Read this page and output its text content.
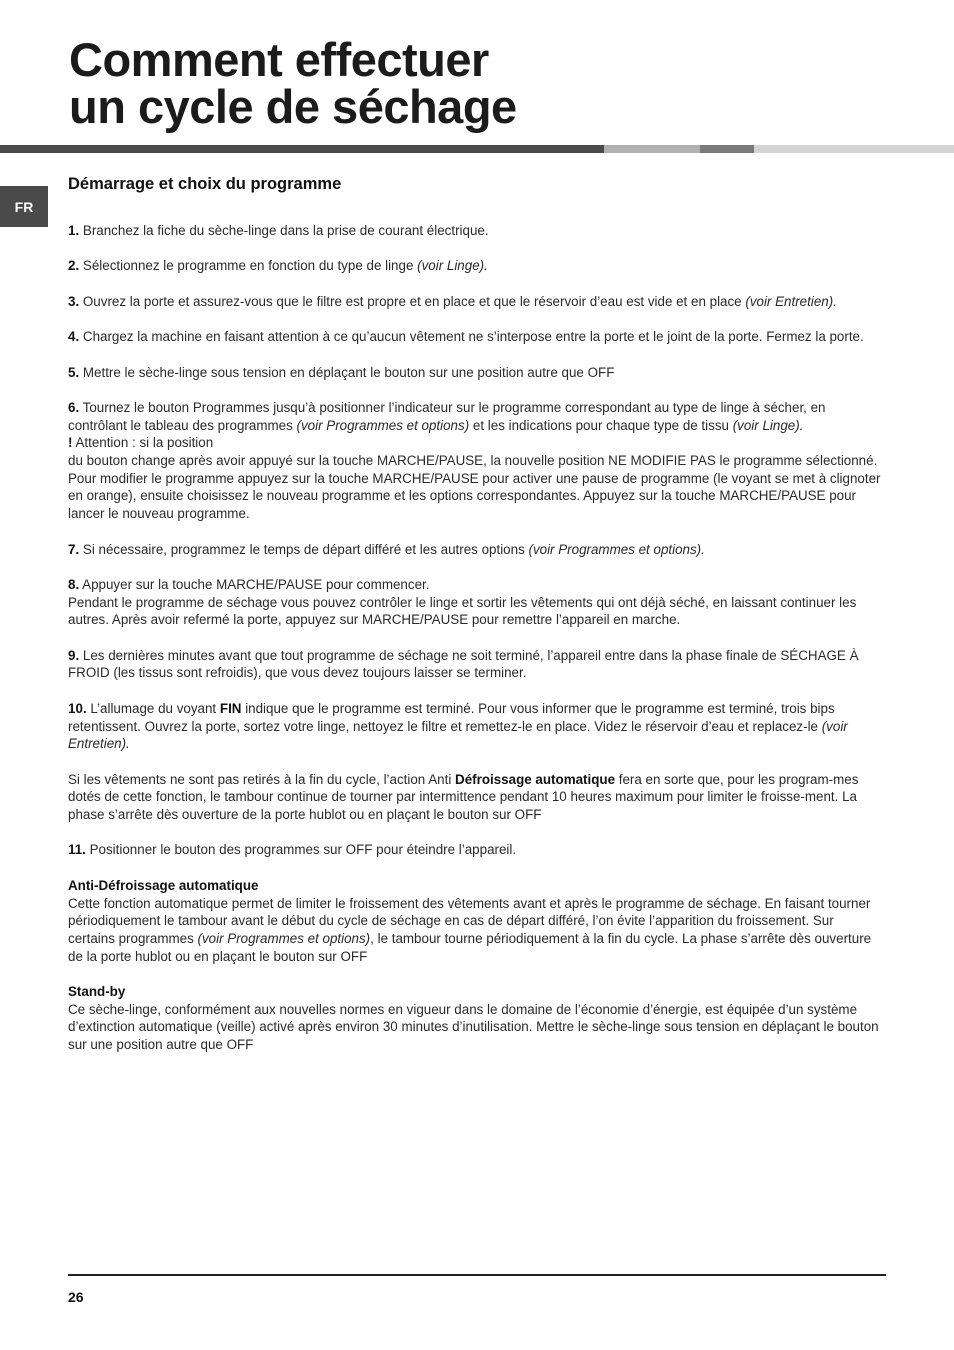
Comment effectuer
un cycle de séchage
FR
Démarrage et choix du programme

1. Branchez la fiche du sèche-linge dans la prise de courant électrique.

2. Sélectionnez le programme en fonction du type de linge (voir Linge).

3. Ouvrez la porte et assurez-vous que le filtre est propre et en place et que le réservoir d’eau est vide et en place (voir Entretien).

4. Chargez la machine en faisant attention à ce qu’aucun vêtement ne s’interpose entre la porte et le joint de la porte. Fermez la porte.

5. Mettre le sèche-linge sous tension en déplaçant le bouton sur une position autre que OFF

6. Tournez le bouton Programmes jusqu’à positionner l’indicateur sur le programme correspondant au type de linge à sécher, en contrôlant le tableau des programmes (voir Programmes et options) et les indications pour chaque type de tissu (voir Linge).
! Attention : si la position
du bouton change après avoir appuyé sur la touche MARCHE/PAUSE, la nouvelle position NE MODIFIE PAS le programme sélectionné. Pour modifier le programme appuyez sur la touche MARCHE/PAUSE pour activer une pause de programme (le voyant se met à clignoter en orange), ensuite choisissez le nouveau programme et les options correspondantes. Appuyez sur la touche MARCHE/PAUSE pour lancer le nouveau programme.

7. Si nécessaire, programmez le temps de départ différé et les autres options (voir Programmes et options).

8. Appuyer sur la touche MARCHE/PAUSE pour commencer.
Pendant le programme de séchage vous pouvez contrôler le linge et sortir les vêtements qui ont déjà séché, en laissant continuer les autres. Après avoir refermé la porte, appuyez sur MARCHE/PAUSE pour remettre l’appareil en marche.

9. Les dernières minutes avant que tout programme de séchage ne soit terminé, l’appareil entre dans la phase finale de SÉCHAGE À FROID (les tissus sont refroidis), que vous devez toujours laisser se terminer.

10. L’allumage du voyant FIN indique que le programme est terminé. Pour vous informer que le programme est terminé, trois bips retentissent. Ouvrez la porte, sortez votre linge, nettoyez le filtre et remettez-le en place. Videz le réservoir d’eau et replacez-le (voir Entretien).

Si les vêtements ne sont pas retirés à la fin du cycle, l’action Anti Défroissage automatique fera en sorte que, pour les program-mes dotés de cette fonction, le tambour continue de tourner par intermittence pendant 10 heures maximum pour limiter le froisse-ment. La phase s’arrête dès ouverture de la porte hublot ou en plaçant le bouton sur OFF

11. Positionner le bouton des programmes sur OFF pour éteindre l’appareil.

Anti-Défroissage automatique
Cette fonction automatique permet de limiter le froissement des vêtements avant et après le programme de séchage. En faisant tourner périodiquement le tambour avant le début du cycle de séchage en cas de départ différé, l’on évite l’apparition du froissement. Sur certains programmes (voir Programmes et options), le tambour tourne périodiquement à la fin du cycle. La phase s’arrête dès ouverture de la porte hublot ou en plaçant le bouton sur OFF

Stand-by
Ce sèche-linge, conformément aux nouvelles normes en vigueur dans le domaine de l’économie d’énergie, est équipée d’un système d’extinction automatique (veille) activé après environ 30 minutes d’inutilisation. Mettre le sèche-linge sous tension en déplaçant le bouton sur une position autre que OFF

26
